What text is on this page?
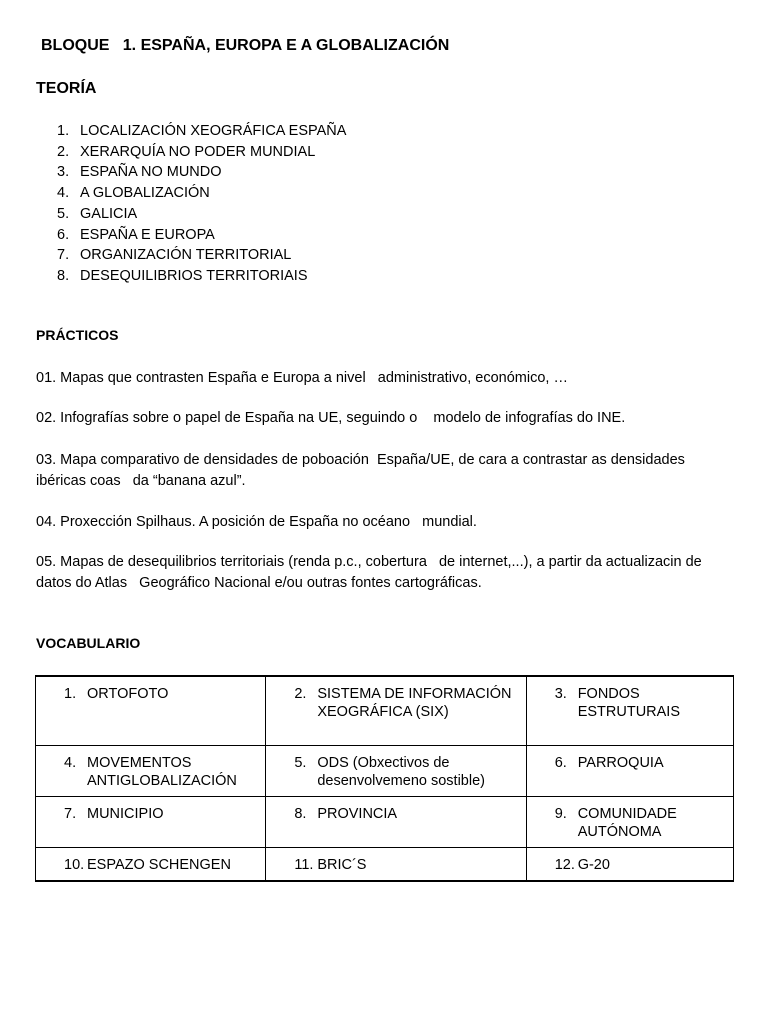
BLOQUE   1. ESPAÑA, EUROPA E A GLOBALIZACIÓN
TEORÍA
1. LOCALIZACIÓN XEOGRÁFICA ESPAÑA
2. XERARQUÍA NO PODER MUNDIAL
3. ESPAÑA NO MUNDO
4. A GLOBALIZACIÓN
5. GALICIA
6. ESPAÑA E EUROPA
7. ORGANIZACIÓN TERRITORIAL
8. DESEQUILIBRIOS TERRITORIAIS
PRÁCTICOS

01. Mapas que contrasten España e Europa a nivel   administrativo, económico, …

02. Infografías sobre o papel de España na UE, seguindo o    modelo de infografías do INE.

03. Mapa comparativo de densidades de poboación  España/UE, de cara a contrastar as densidades ibéricas coas   da “banana azul”.

04. Proxección Spilhaus. A posición de España no océano   mundial.

05. Mapas de desequilibrios territoriais (renda p.c., cobertura   de internet,...), a partir da actualizacin de datos do Atlas   Geográfico Nacional e/ou outras fontes cartográficas.

VOCABULARIO
1. ORTOFOTO	2. SISTEMA DE INFORMACIÓN XEOGRÁFICA (SIX)	3. FONDOS ESTRUTURAIS

4. MOVEMENTOS ANTIGLOBALIZACIÓN	5. ODS (Obxectivos de desenvolvemeno sostible)	6. PARROQUIA

7. MUNICIPIO	8. PROVINCIA	9. COMUNIDADE AUTÓNOMA

10. ESPAZO SCHENGEN	11. BRIC´S	12. G-20
